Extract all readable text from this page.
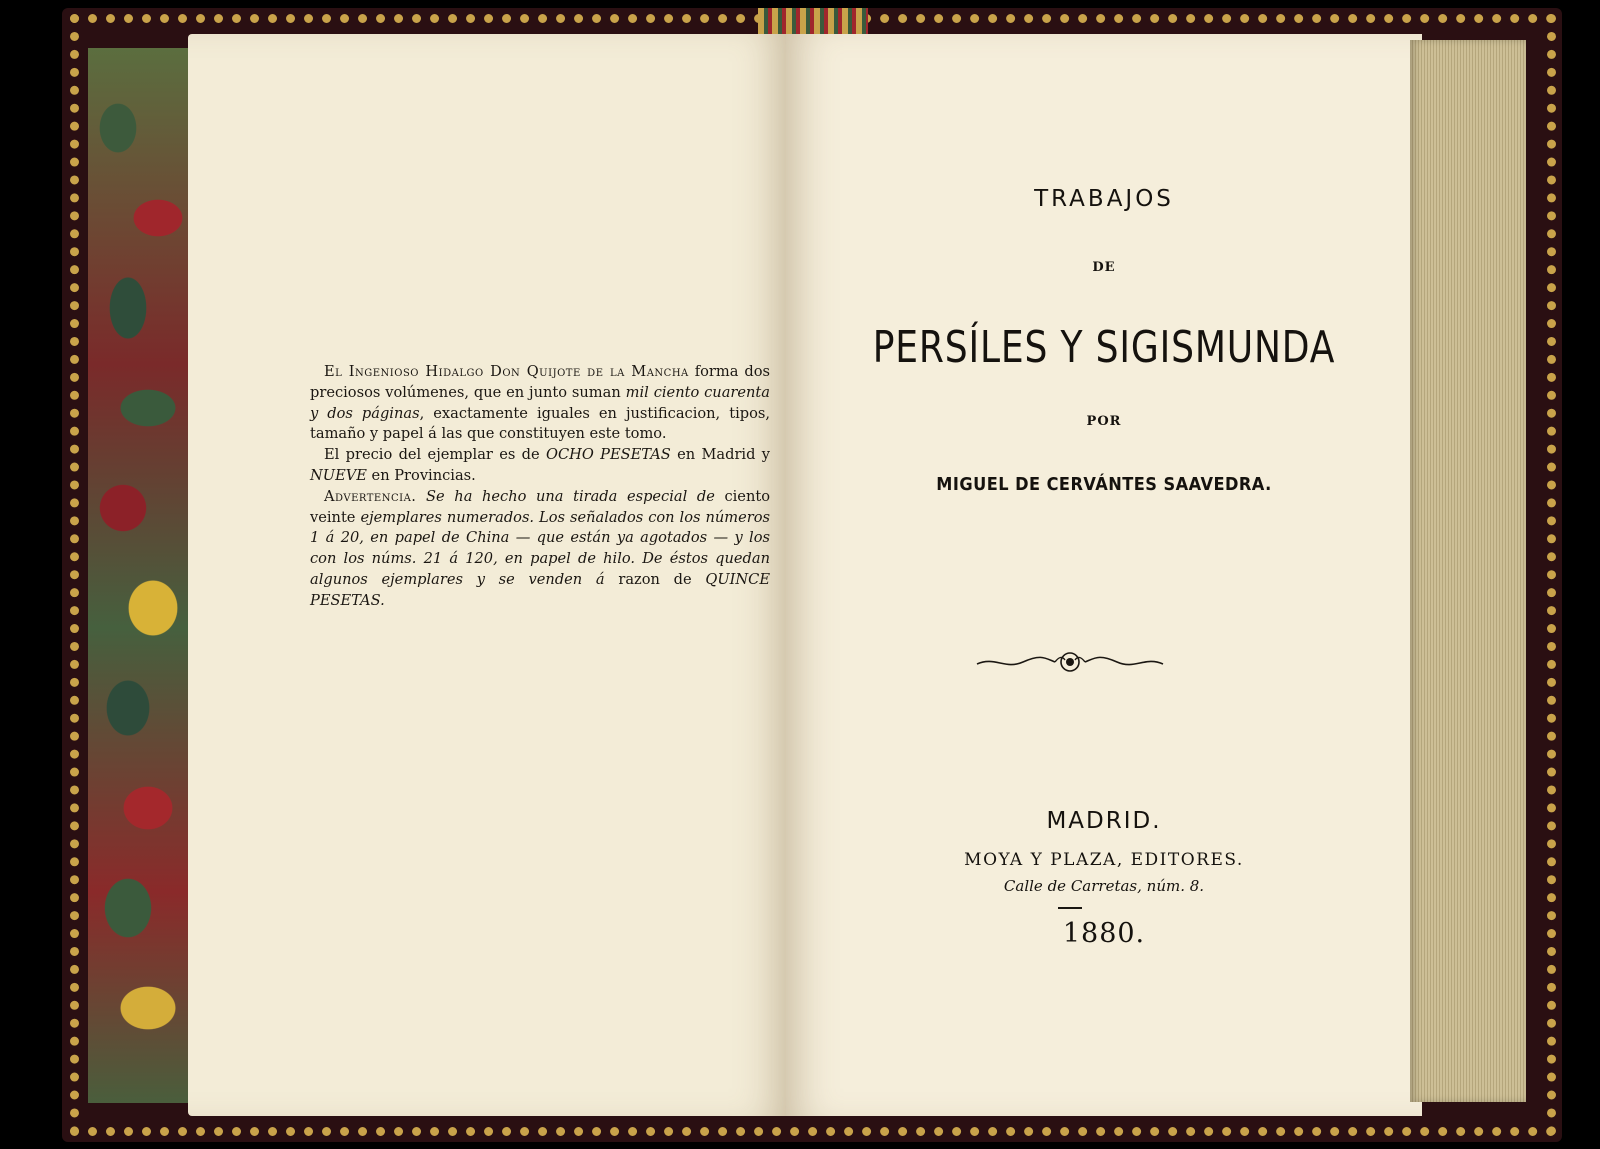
El Ingenioso Hidalgo Don Quijote de la Mancha forma dos preciosos volúmenes, que en junto suman mil ciento cuarenta y dos páginas, exactamente iguales en justificacion, tipos, tamaño y papel á las que constituyen este tomo.

El precio del ejemplar es de OCHO PESETAS en Madrid y NUEVE en Provincias.

Advertencia. Se ha hecho una tirada especial de ciento veinte ejemplares numerados. Los señalados con los números 1 á 20, en papel de China — que están ya agotados — y los con los núms. 21 á 120, en papel de hilo. De éstos quedan algunos ejemplares y se venden á razon de QUINCE PESETAS.

TRABAJOS
DE
PERSÍLES Y SIGISMUNDA
POR
MIGUEL DE CERVÁNTES SAAVEDRA.
MADRID.
MOYA Y PLAZA, EDITORES.
Calle de Carretas, núm. 8.
1880.
